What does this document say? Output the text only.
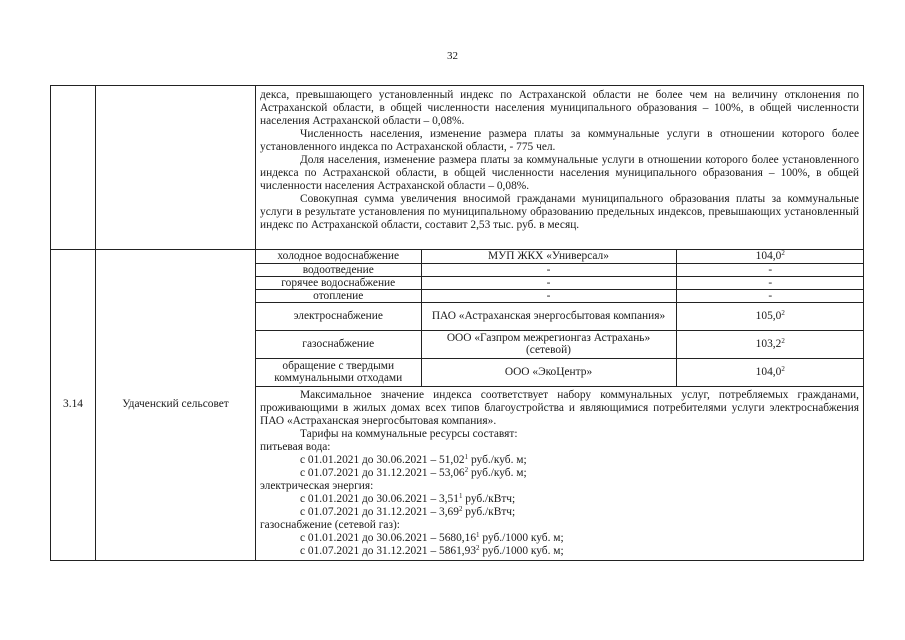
32

декса, превышающего установленный индекс по Астраханской области не более чем на величину отклонения по Астраханской области, в общей численности населения муниципального образования – 100%, в общей численности населения Астраханской области – 0,08%.

Численность населения, изменение размера платы за коммунальные услуги в отношении которого более установленного индекса по Астраханской области, - 775 чел.

Доля населения, изменение размера платы за коммунальные услуги в отношении которого более установленного индекса по Астраханской области, в общей численности населения муниципального образования – 100%, в общей численности населения Астраханской области – 0,08%.

Совокупная сумма увеличения вносимой гражданами муниципального образования платы за коммунальные услуги в результате установления по муниципальному образованию предельных индексов, превышающих установленный индекс по Астраханской области, составит 2,53 тыс. руб. в месяц.

3.14	Удаченский сельсовет	
холодное водоснабжение	МУП ЖКХ «Универсал»	104,0$^2$
водоотведение	-	-
горячее водоснабжение	-	-
отопление	-	-
электроснабжение	ПАО «Астраханская энергосбытовая компания»	105,0$^2$
газоснабжение	ООО «Газпром межрегионгаз Астрахань» (сетевой)	103,2$^2$
обращение с твердыми коммунальными отходами	ООО «ЭкоЦентр»	104,0$^2$

Максимальное значение индекса соответствует набору коммунальных услуг, потребляемых гражданами, проживающими в жилых домах всех типов благоустройства и являющимися потребителями услуги электроснабжения ПАО «Астраханская энергосбытовая компания».

Тарифы на коммунальные ресурсы составят:

питьевая вода:

с 01.01.2021 до 30.06.2021 – 51,02$^1$ руб./куб. м;

с 01.07.2021 до 31.12.2021 – 53,06$^2$ руб./куб. м;

электрическая энергия:

с 01.01.2021 до 30.06.2021 – 3,51$^1$ руб./кВтч;

с 01.07.2021 до 31.12.2021 – 3,69$^2$ руб./кВтч;

газоснабжение (сетевой газ):

с 01.01.2021 до 30.06.2021 – 5680,16$^1$ руб./1000 куб. м;

с 01.07.2021 до 31.12.2021 – 5861,93$^2$ руб./1000 куб. м;
